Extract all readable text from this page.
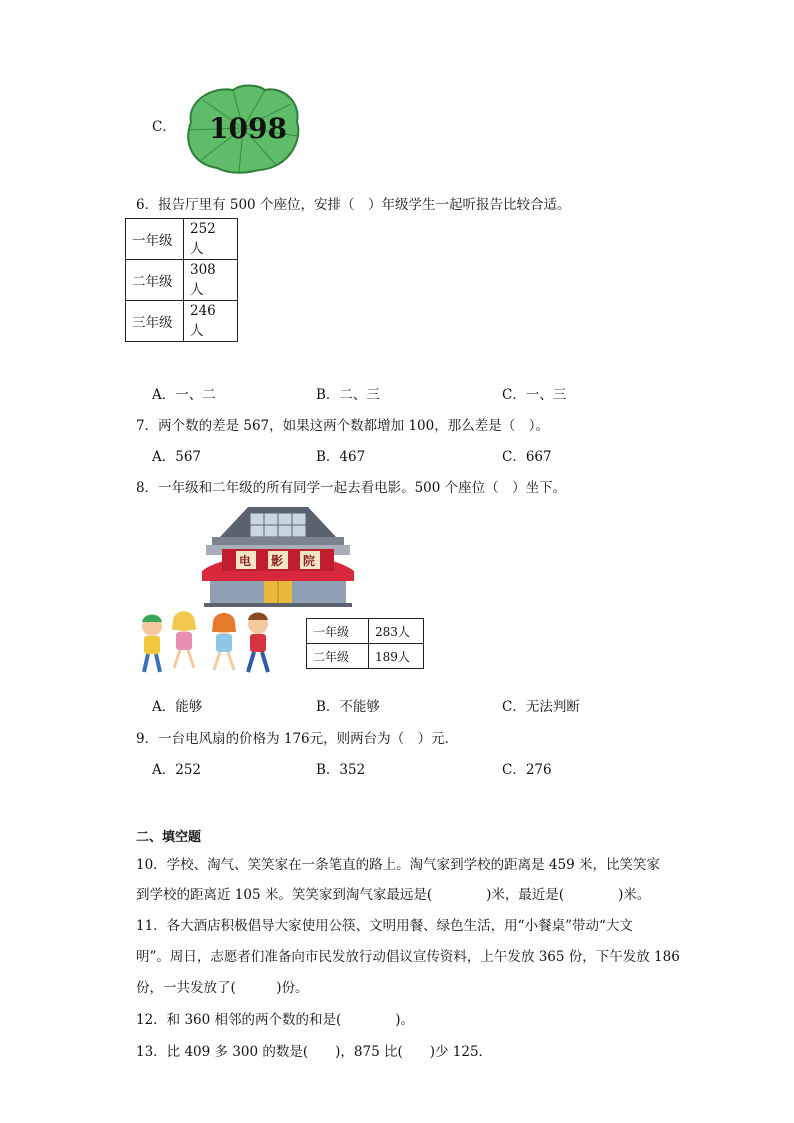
C． 1098
6．报告厅里有 500 个座位，安排（　）年级学生一起听报告比较合适。
一年级	252 人
二年级	308 人
三年级	246 人
A．一、二	B．二、三	C．一、三
7．两个数的差是 567，如果这两个数都增加 100，那么差是（　）。
A．567	B．467	C．667
8．一年级和二年级的所有同学一起去看电影。500 个座位（　）坐下。
电 影 院
一年级	283人
二年级	189人
A．能够	B．不能够	C．无法判断
9．一台电风扇的价格为 176元，则两台为（　）元．
A．252	B．352	C．276
二、填空题
10．学校、淘气、笑笑家在一条笔直的路上。淘气家到学校的距离是 459 米，比笑笑家
到学校的距离近 105 米。笑笑家到淘气家最远是(　　　　)米，最近是(　　　　)米。
11．各大酒店积极倡导大家使用公筷、文明用餐、绿色生活，用“小餐桌”带动“大文
明”。周日，志愿者们准备向市民发放行动倡议宣传资料，上午发放 365 份，下午发放 186
份，一共发放了(　　　)份。
12．和 360 相邻的两个数的和是(　　　　)。
13．比 409 多 300 的数是(　　)，875 比(　　)少 125．
